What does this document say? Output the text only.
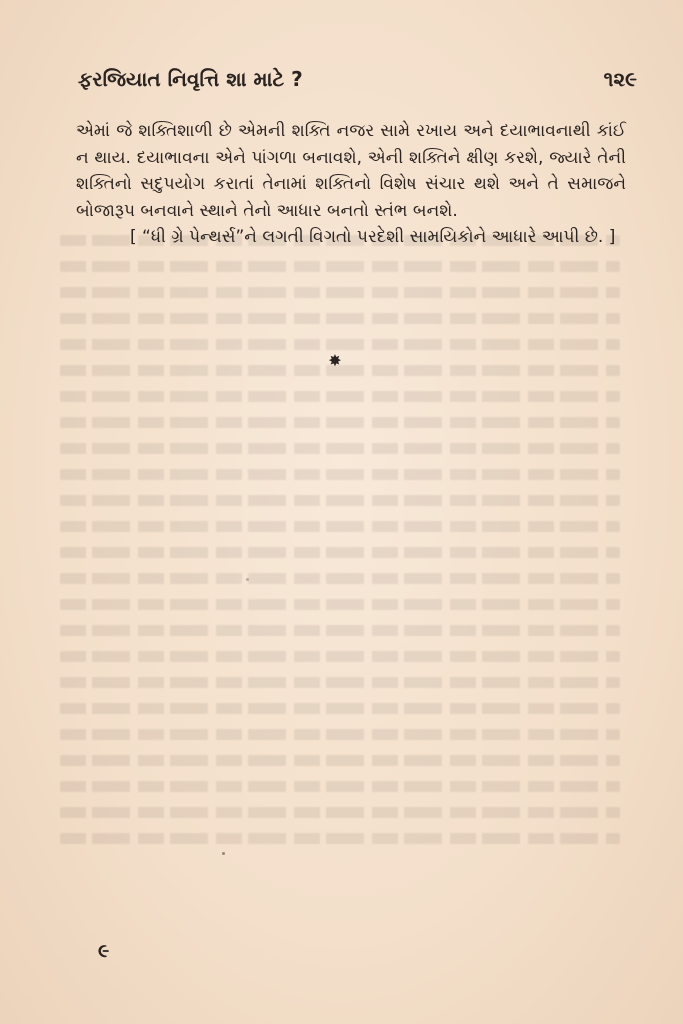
ફરજિયાત નિવૃત્તિ શા માટે ?	૧૨૯

એમાં જે શક્તિશાળી છે એમની શક્તિ નજર સામે રખાય અને દયાભાવનાથી કાંઈ ન થાય. દયાભાવના એને પાંગળા બનાવશે, એની શક્તિને ક્ષીણ કરશે, જ્યારે તેની શક્તિનો સદુપયોગ કરાતાં તેનામાં શક્તિનો વિશેષ સંચાર થશે અને તે સમાજને બોજારૂપ બનવાને સ્થાને તેનો આધાર બનતો સ્તંભ બનશે.

[ “ધી ગ્રે પેન્થર્સ”ને લગતી વિગતો પરદેશી સામયિકોને આધારે આપી છે. ]

✸
૯
